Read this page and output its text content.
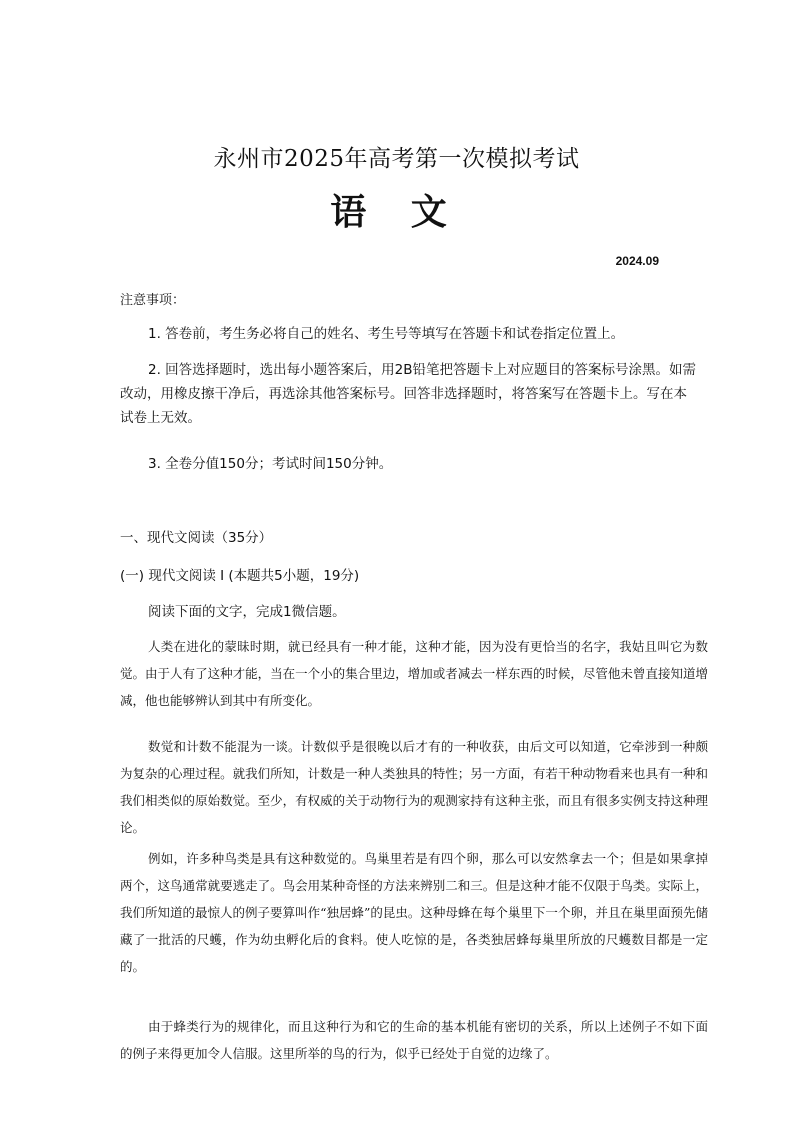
永州市2025年高考第一次模拟考试
语 文
2024.09
注意事项：
1. 答卷前，考生务必将自己的姓名、考生号等填写在答题卡和试卷指定位置上。
2. 回答选择题时，选出每小题答案后，用2B铅笔把答题卡上对应题目的答案标号涂黑。如需改动，用橡皮擦干净后，再选涂其他答案标号。回答非选择题时，将答案写在答题卡上。写在本试卷上无效。
3. 全卷分值150分；考试时间150分钟。
一、现代文阅读（35分）
(一) 现代文阅读 I (本题共5小题，19分)
阅读下面的文字，完成1微信题。
人类在进化的蒙昧时期，就已经具有一种才能，这种才能，因为没有更恰当的名字，我姑且叫它为数觉。由于人有了这种才能，当在一个小的集合里边，增加或者减去一样东西的时候，尽管他未曾直接知道增减，他也能够辨认到其中有所变化。
数觉和计数不能混为一谈。计数似乎是很晚以后才有的一种收获，由后文可以知道，它牵涉到一种颇为复杂的心理过程。就我们所知，计数是一种人类独具的特性；另一方面，有若干种动物看来也具有一种和我们相类似的原始数觉。至少，有权威的关于动物行为的观测家持有这种主张，而且有很多实例支持这种理论。
例如，许多种鸟类是具有这种数觉的。鸟巢里若是有四个卵，那么可以安然拿去一个；但是如果拿掉两个，这鸟通常就要逃走了。鸟会用某种奇怪的方法来辨别二和三。但是这种才能不仅限于鸟类。实际上，我们所知道的最惊人的例子要算叫作“独居蜂”的昆虫。这种母蜂在每个巢里下一个卵，并且在巢里面预先储藏了一批活的尺蠖，作为幼虫孵化后的食料。使人吃惊的是，各类独居蜂每巢里所放的尺蠖数目都是一定的。
由于蜂类行为的规律化，而且这种行为和它的生命的基本机能有密切的关系，所以上述例子不如下面的例子来得更加令人信服。这里所举的鸟的行为，似乎已经处于自觉的边缘了。
